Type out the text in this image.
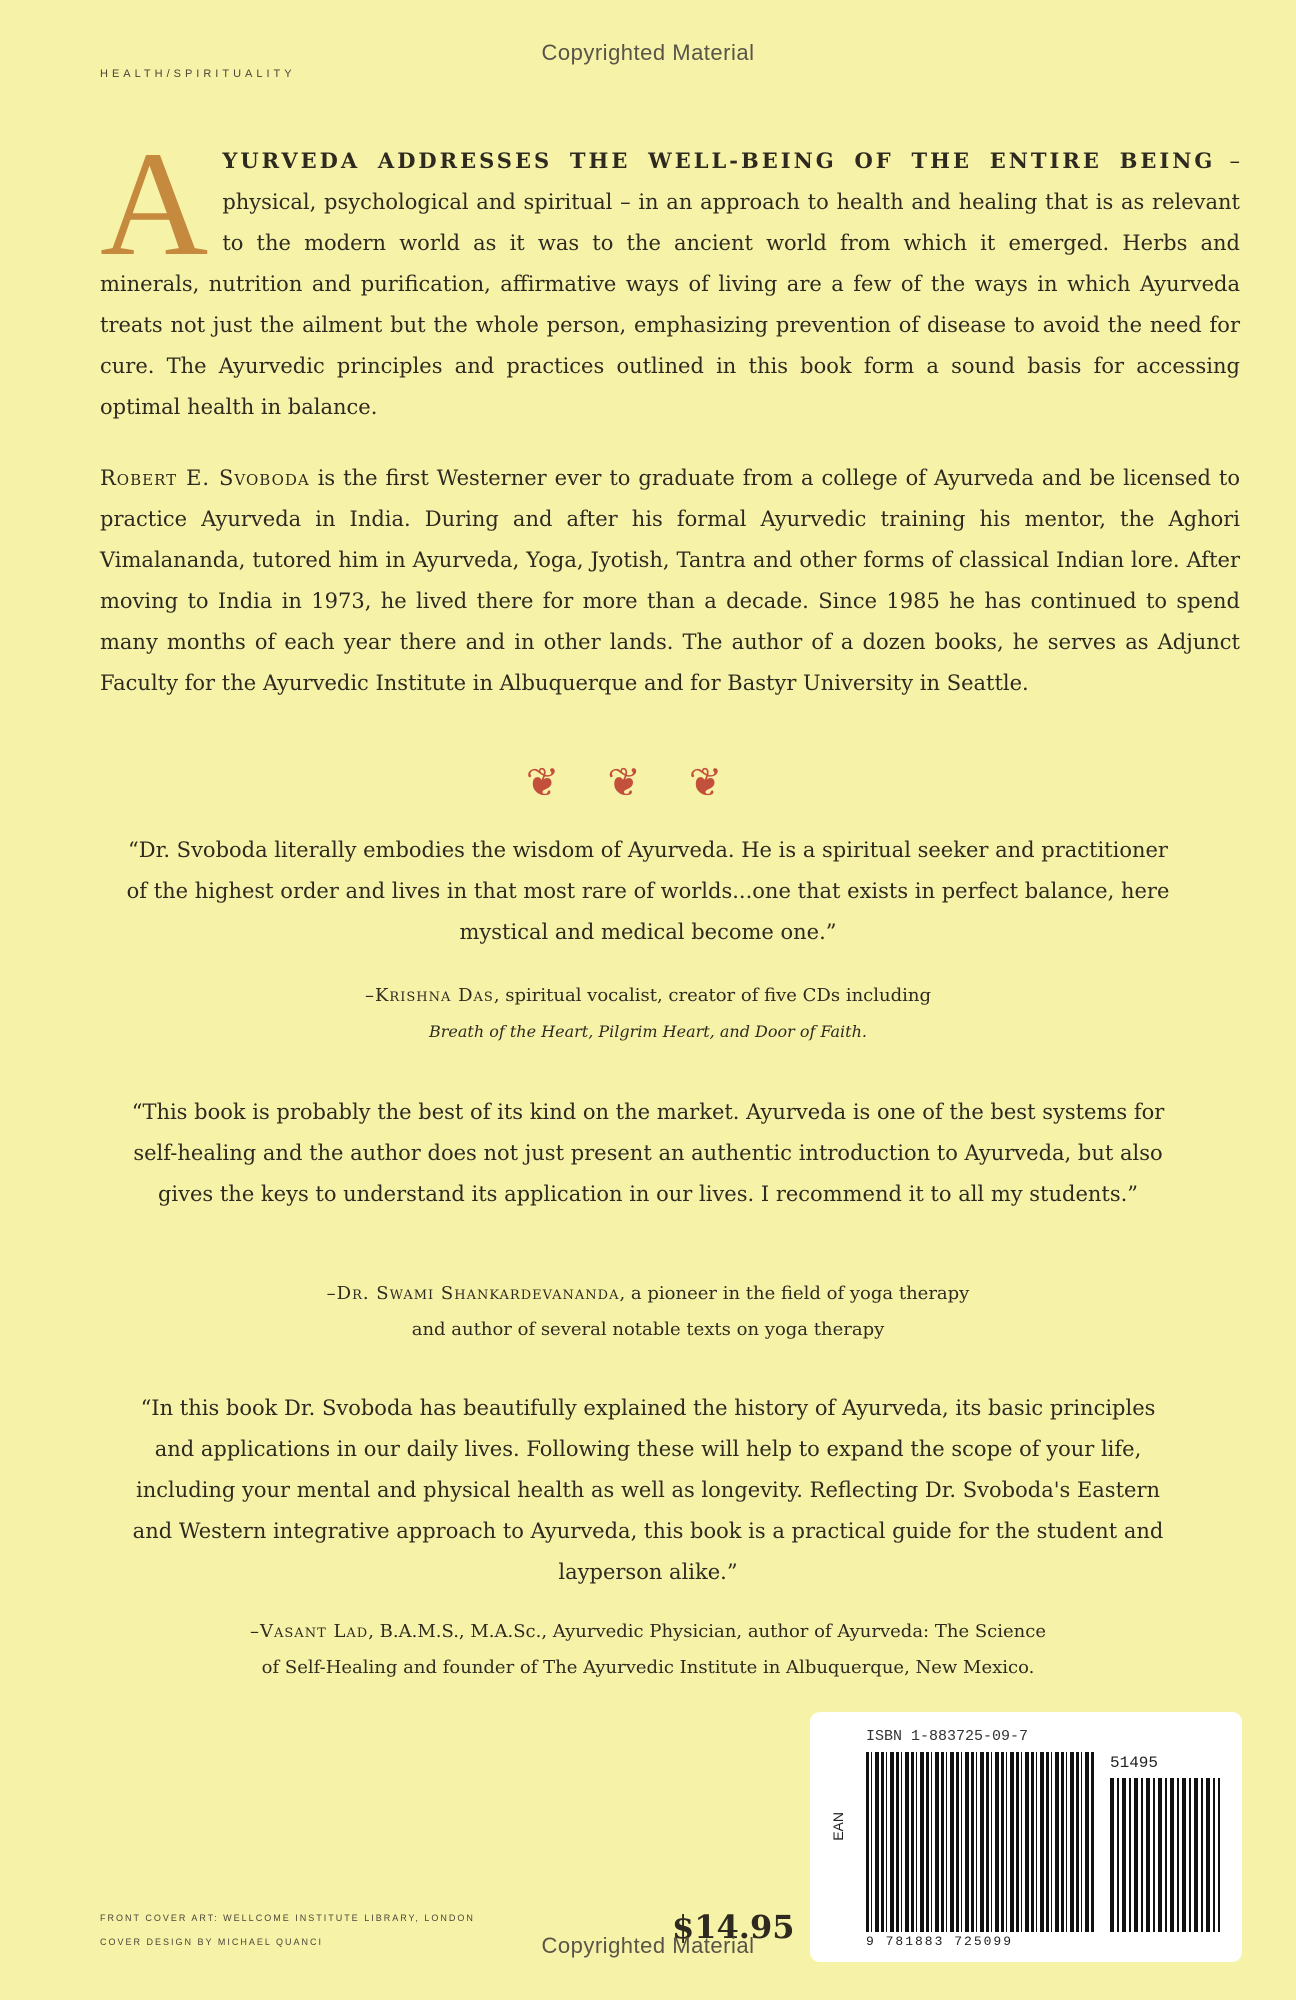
Copyrighted Material
HEALTH/SPIRITUALITY
A YURVEDA ADDRESSES THE WELL-BEING OF THE ENTIRE BEING – physical, psychological and spiritual – in an approach to health and healing that is as relevant to the modern world as it was to the ancient world from which it emerged. Herbs and minerals, nutrition and purification, affirmative ways of living are a few of the ways in which Ayurveda treats not just the ailment but the whole person, emphasizing prevention of disease to avoid the need for cure. The Ayurvedic principles and practices outlined in this book form a sound basis for accessing optimal health in balance.
Robert E. Svoboda is the first Westerner ever to graduate from a college of Ayurveda and be licensed to practice Ayurveda in India. During and after his formal Ayurvedic training his mentor, the Aghori Vimalananda, tutored him in Ayurveda, Yoga, Jyotish, Tantra and other forms of classical Indian lore. After moving to India in 1973, he lived there for more than a decade. Since 1985 he has continued to spend many months of each year there and in other lands. The author of a dozen books, he serves as Adjunct Faculty for the Ayurvedic Institute in Albuquerque and for Bastyr University in Seattle.
❦❦❦
“Dr. Svoboda literally embodies the wisdom of Ayurveda. He is a spiritual seeker and practitioner of the highest order and lives in that most rare of worlds...one that exists in perfect balance, here mystical and medical become one.”
–Krishna Das, spiritual vocalist, creator of five CDs including
Breath of the Heart, Pilgrim Heart, and Door of Faith.
“This book is probably the best of its kind on the market. Ayurveda is one of the best systems for self-healing and the author does not just present an authentic introduction to Ayurveda, but also gives the keys to understand its application in our lives. I recommend it to all my students.”
–Dr. Swami Shankardevananda, a pioneer in the field of yoga therapy
and author of several notable texts on yoga therapy
“In this book Dr. Svoboda has beautifully explained the history of Ayurveda, its basic principles and applications in our daily lives. Following these will help to expand the scope of your life, including your mental and physical health as well as longevity. Reflecting Dr. Svoboda's Eastern and Western integrative approach to Ayurveda, this book is a practical guide for the student and layperson alike.”
–Vasant Lad, B.A.M.S., M.A.Sc., Ayurvedic Physician, author of Ayurveda: The Science
of Self-Healing and founder of The Ayurvedic Institute in Albuquerque, New Mexico.
ISBN 1-883725-09-7
EAN
51495
9 781883 725099
FRONT COVER ART: WELLCOME INSTITUTE LIBRARY, LONDON
COVER DESIGN BY MICHAEL QUANCI	$14.95
Copyrighted Material
